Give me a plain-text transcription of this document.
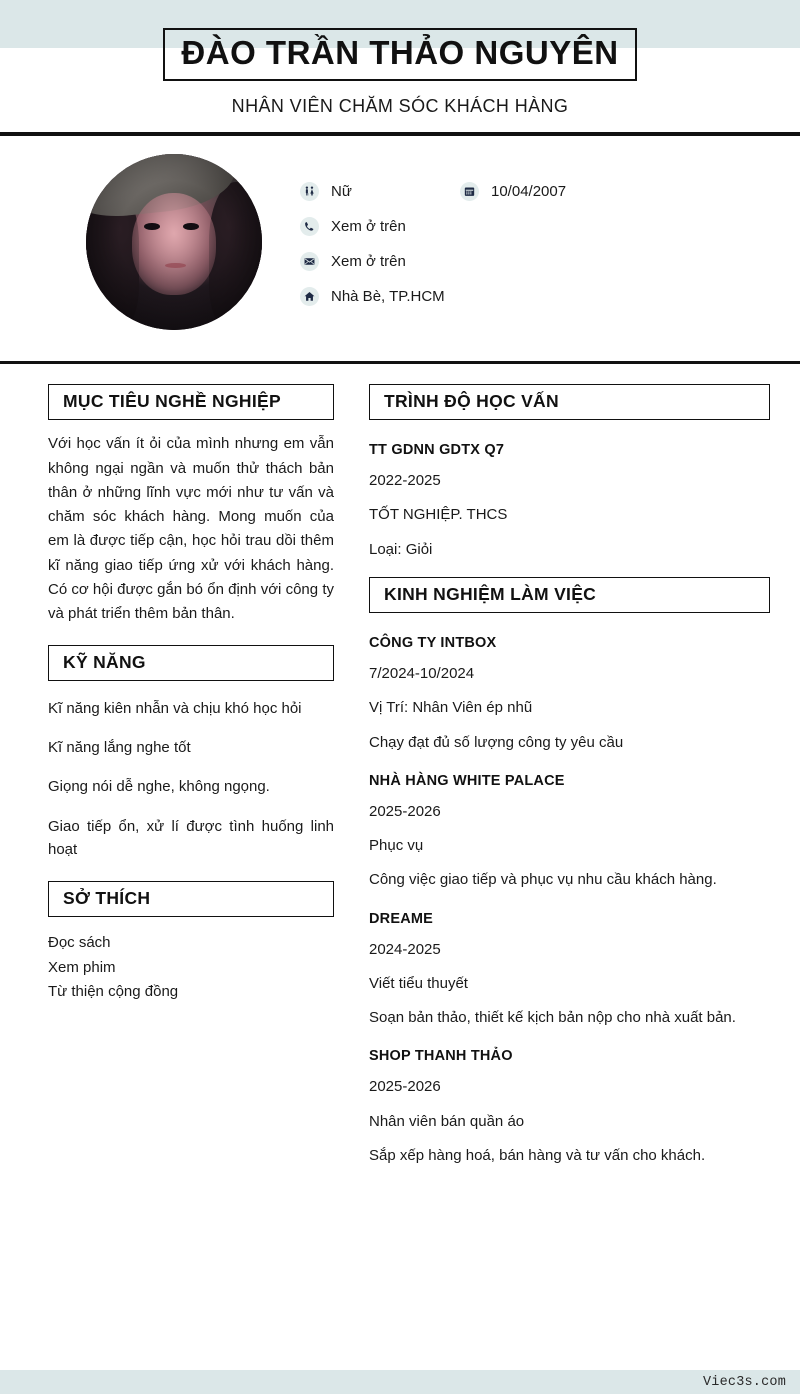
ĐÀO TRẦN THẢO NGUYÊN
NHÂN VIÊN CHĂM SÓC KHÁCH HÀNG
Nữ	10/04/2007
Xem ở trên
Xem ở trên
Nhà Bè, TP.HCM
MỤC TIÊU NGHỀ NGHIỆP
Với học vấn ít ỏi của mình nhưng em vẫn không ngại ngần và muốn thử thách bản thân ở những lĩnh vực mới như tư vấn và chăm sóc khách hàng. Mong muốn của em là được tiếp cận, học hỏi trau dồi thêm kĩ năng giao tiếp ứng xử với khách hàng. Có cơ hội được gắn bó ổn định với công ty và phát triển thêm bản thân.
KỸ NĂNG
Kĩ năng kiên nhẫn và chịu khó học hỏi
Kĩ năng lắng nghe tốt
Giọng nói dễ nghe, không ngọng.
Giao tiếp ổn, xử lí được tình huống linh hoạt
SỞ THÍCH
Đọc sách
Xem phim
Từ thiện cộng đồng
TRÌNH ĐỘ HỌC VẤN
TT GDNN GDTX Q7
2022-2025
TỐT NGHIỆP. THCS
Loại: Giỏi
KINH NGHIỆM LÀM VIỆC
CÔNG TY INTBOX
7/2024-10/2024
Vị Trí: Nhân Viên ép nhũ
Chạy đạt đủ số lượng công ty yêu cầu
NHÀ HÀNG WHITE PALACE
2025-2026
Phục vụ
Công việc giao tiếp và phục vụ nhu cầu khách hàng.
DREAME
2024-2025
Viết tiểu thuyết
Soạn bản thảo, thiết kế kịch bản nộp cho nhà xuất bản.
SHOP THANH THẢO
2025-2026
Nhân viên bán quần áo
Sắp xếp hàng hoá, bán hàng và tư vấn cho khách.
Viec3s.com
